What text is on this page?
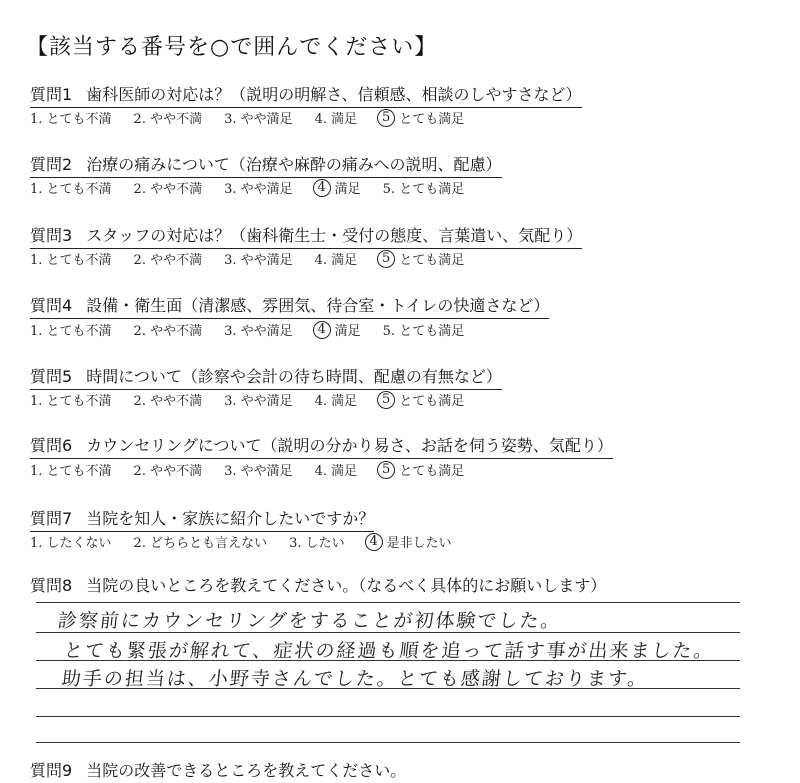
【該当する番号を○で囲んでください】
質問1 歯科医師の対応は？（説明の明解さ、信頼感、相談のしやすさなど）
1. とても不満 2. やや不満 3. やや満足 4. 満足	5 とても満足
質問2 治療の痛みについて（治療や麻酔の痛みへの説明、配慮）
1. とても不満 2. やや不満 3. やや満足	4 満足 5. とても満足
質問3 スタッフの対応は？（歯科衛生士・受付の態度、言葉遣い、気配り）
1. とても不満 2. やや不満 3. やや満足 4. 満足	5 とても満足
質問4 設備・衛生面（清潔感、雰囲気、待合室・トイレの快適さなど）
1. とても不満 2. やや不満 3. やや満足	4 満足 5. とても満足
質問5 時間について（診察や会計の待ち時間、配慮の有無など）
1. とても不満 2. やや不満 3. やや満足 4. 満足	5 とても満足
質問6 カウンセリングについて（説明の分かり易さ、お話を伺う姿勢、気配り）
1. とても不満 2. やや不満 3. やや満足 4. 満足	5 とても満足
質問7 当院を知人・家族に紹介したいですか？
1. したくない 2. どちらとも言えない 3. したい	4 是非したい
質問8 当院の良いところを教えてください。（なるべく具体的にお願いします）
診察前にカウンセリングをすることが初体験でした。
とても緊張が解れて、症状の経過も順を追って話す事が出来ました。
助手の担当は、小野寺さんでした。とても感謝しております。
質問9 当院の改善できるところを教えてください。
